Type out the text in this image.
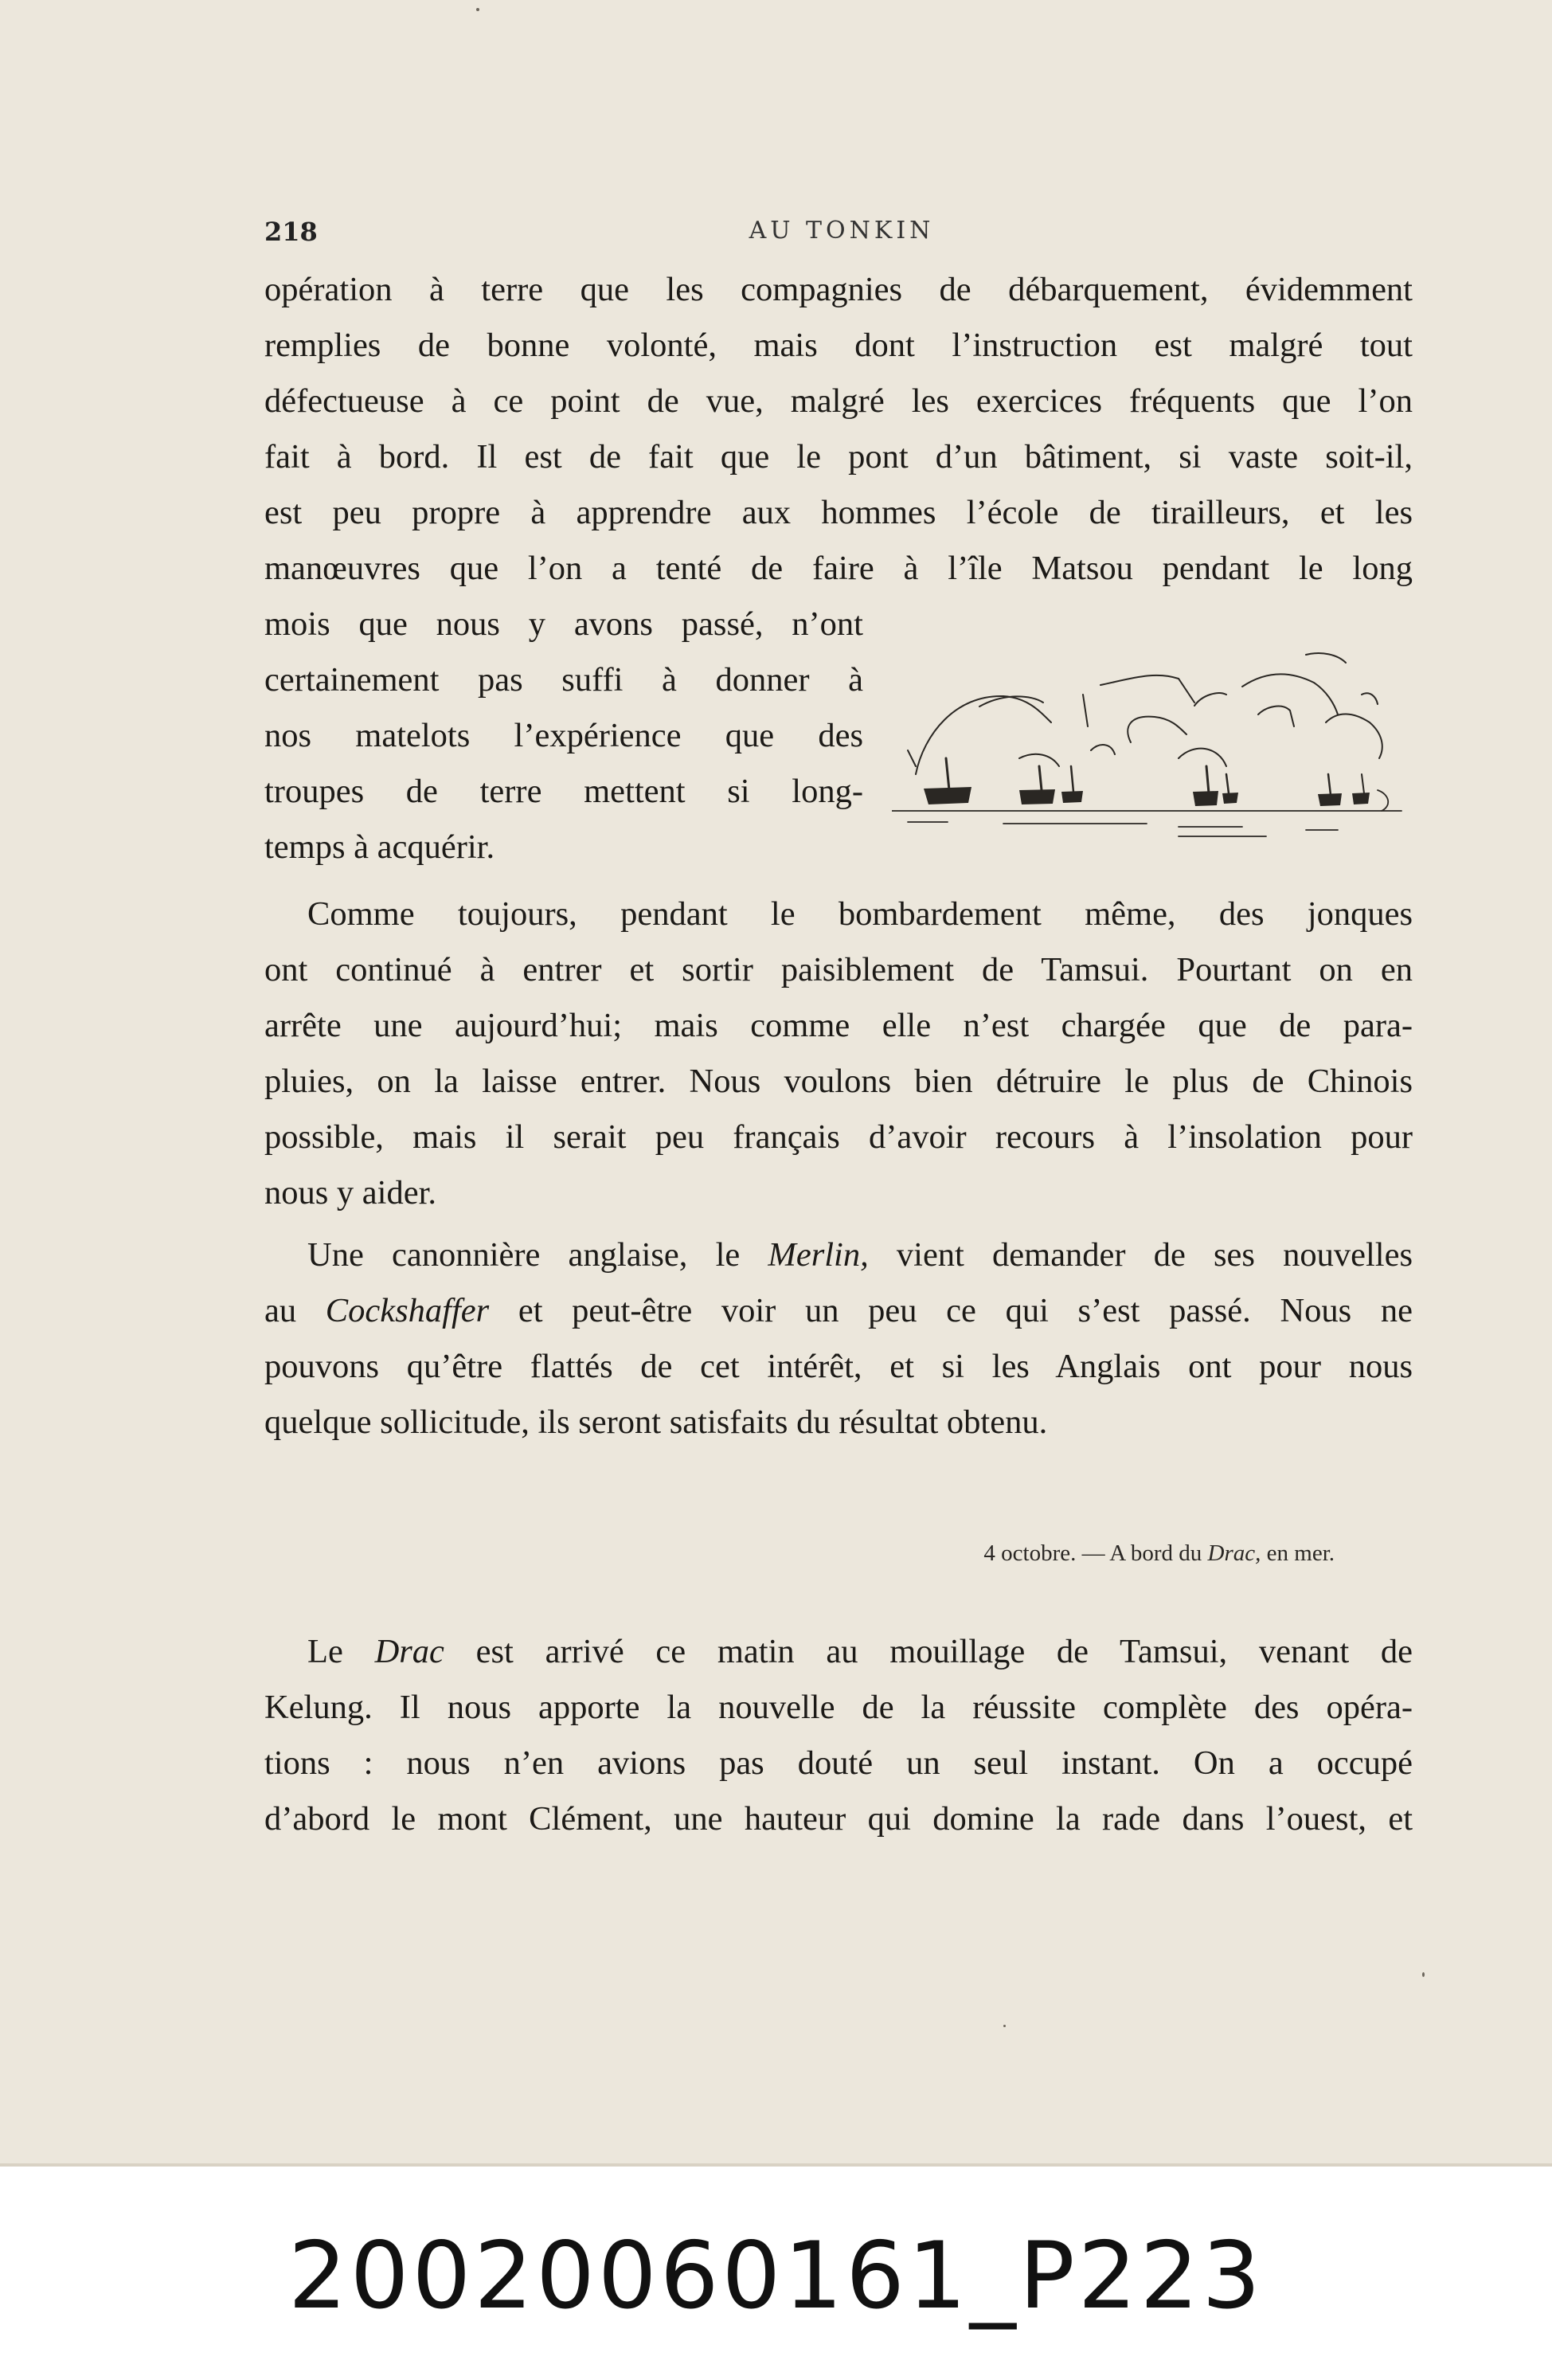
218	AU TONKIN
opération à terre que les compagnies de débarquement, évidemment
remplies de bonne volonté, mais dont l’instruction est malgré tout
défectueuse à ce point de vue, malgré les exercices fréquents que l’on
fait à bord. Il est de fait que le pont d’un bâtiment, si vaste soit-il,
est peu propre à apprendre aux hommes l’école de tirailleurs, et les
manœuvres que l’on a tenté de faire à l’île Matsou pendant le long
mois que nous y avons passé, n’ont
certainement pas suffi à donner à
nos matelots l’expérience que des
troupes de terre mettent si long-
temps à acquérir.
Comme toujours, pendant le bombardement même, des jonques
ont continué à entrer et sortir paisiblement de Tamsui. Pourtant on en
arrête une aujourd’hui; mais comme elle n’est chargée que de para-
pluies, on la laisse entrer. Nous voulons bien détruire le plus de Chinois
possible, mais il serait peu français d’avoir recours à l’insolation pour
nous y aider.
Une canonnière anglaise, le Merlin, vient demander de ses nouvelles
au Cockshaffer et peut-être voir un peu ce qui s’est passé. Nous ne
pouvons qu’être flattés de cet intérêt, et si les Anglais ont pour nous
quelque sollicitude, ils seront satisfaits du résultat obtenu.
4 octobre. — A bord du Drac, en mer.
Le Drac est arrivé ce matin au mouillage de Tamsui, venant de
Kelung. Il nous apporte la nouvelle de la réussite complète des opéra-
tions : nous n’en avions pas douté un seul instant. On a occupé
d’abord le mont Clément, une hauteur qui domine la rade dans l’ouest, et
20020060161_P223
